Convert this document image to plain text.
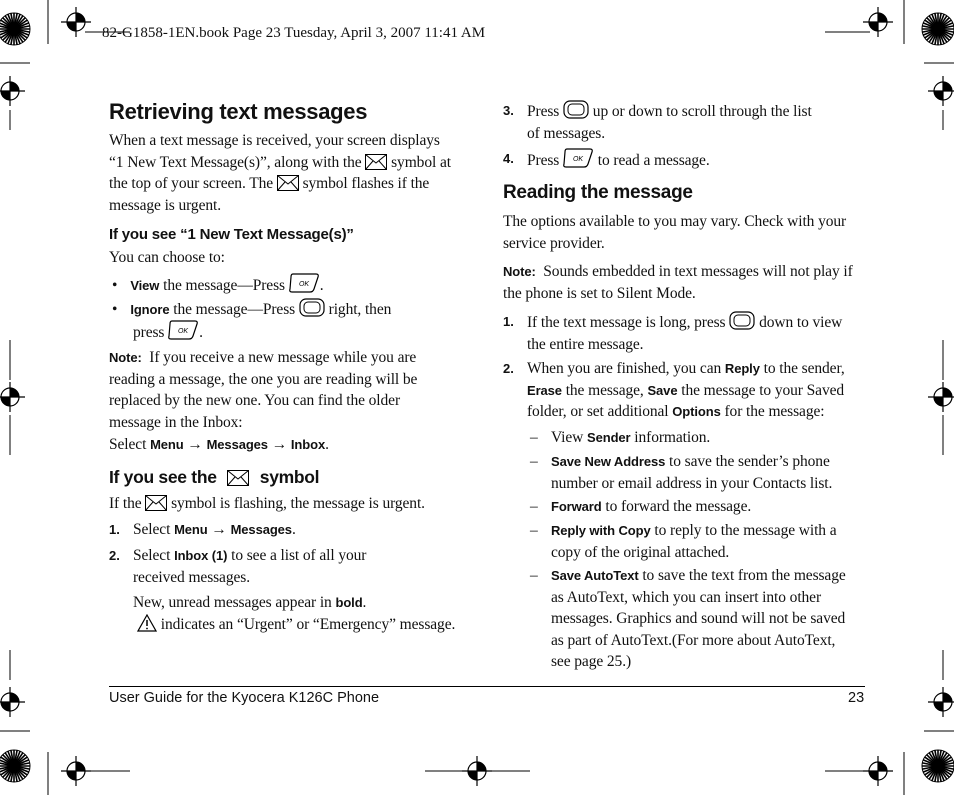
82-G1858-1EN.book Page 23 Tuesday, April 3, 2007 11:41 AM
Retrieving text messages
When a text message is received, your screen displays
“1 New Text Message(s)”, along with the symbol at
the top of your screen. The symbol flashes if the
message is urgent.
If you see “1 New Text Message(s)”
You can choose to:
• View the message—Press .
• Ignore the message—Press right, then
press .
Note: If you receive a new message while you are
reading a message, the one you are reading will be
replaced by the new one. You can find the older
message in the Inbox:
Select Menu → Messages → Inbox.
If you see the symbol
If the symbol is flashing, the message is urgent.
1. Select Menu → Messages.
2. Select Inbox (1) to see a list of all your
received messages.
New, unread messages appear in bold.
indicates an “Urgent” or “Emergency” message.
3. Press up or down to scroll through the list
of messages.
4. Press to read a message.
Reading the message
The options available to you may vary. Check with your
service provider.
Note: Sounds embedded in text messages will not play if
the phone is set to Silent Mode.
1. If the text message is long, press down to view
the entire message.
2. When you are finished, you can Reply to the sender,
Erase the message, Save the message to your Saved
folder, or set additional Options for the message:
– View Sender information.
– Save New Address to save the sender’s phone
number or email address in your Contacts list.
– Forward to forward the message.
– Reply with Copy to reply to the message with a
copy of the original attached.
– Save AutoText to save the text from the message
as AutoText, which you can insert into other
messages. Graphics and sound will not be saved
as part of AutoText.(For more about AutoText,
see page 25.)
User Guide for the Kyocera K126C Phone	23
